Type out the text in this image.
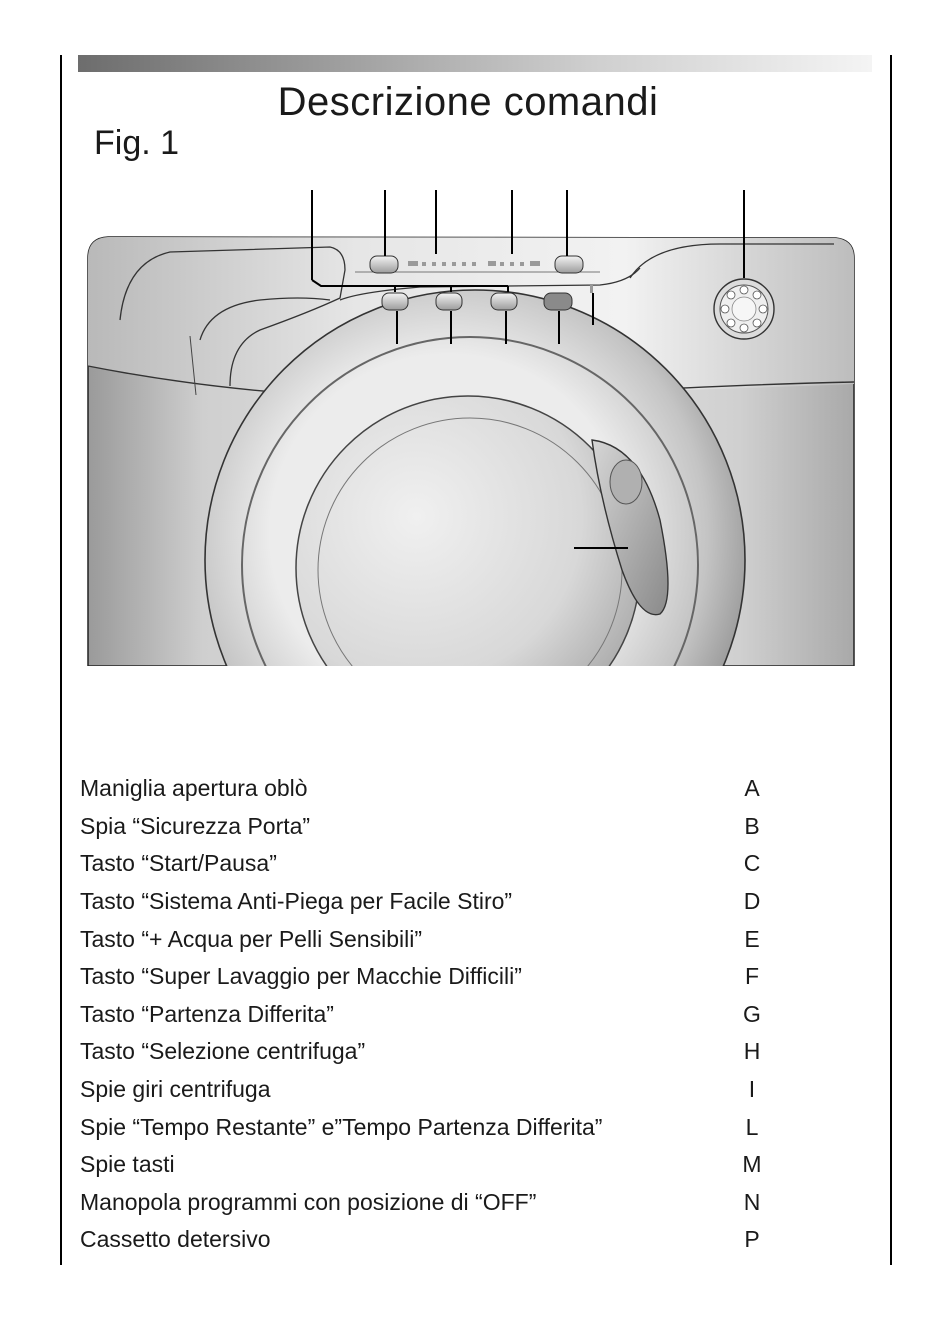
Descrizione comandi
Fig. 1
Maniglia apertura oblò	A
Spia “Sicurezza Porta”	B
Tasto “Start/Pausa”	C
Tasto “Sistema Anti-Piega per Facile Stiro”	D
Tasto “+ Acqua per Pelli Sensibili”	E
Tasto “Super Lavaggio per Macchie Difficili”	F
Tasto “Partenza Differita”	G
Tasto “Selezione centrifuga”	H
Spie giri centrifuga	I
Spie “Tempo Restante” e”Tempo Partenza Differita”	L
Spie tasti	M
Manopola programmi con posizione di “OFF”	N
Cassetto detersivo	P
